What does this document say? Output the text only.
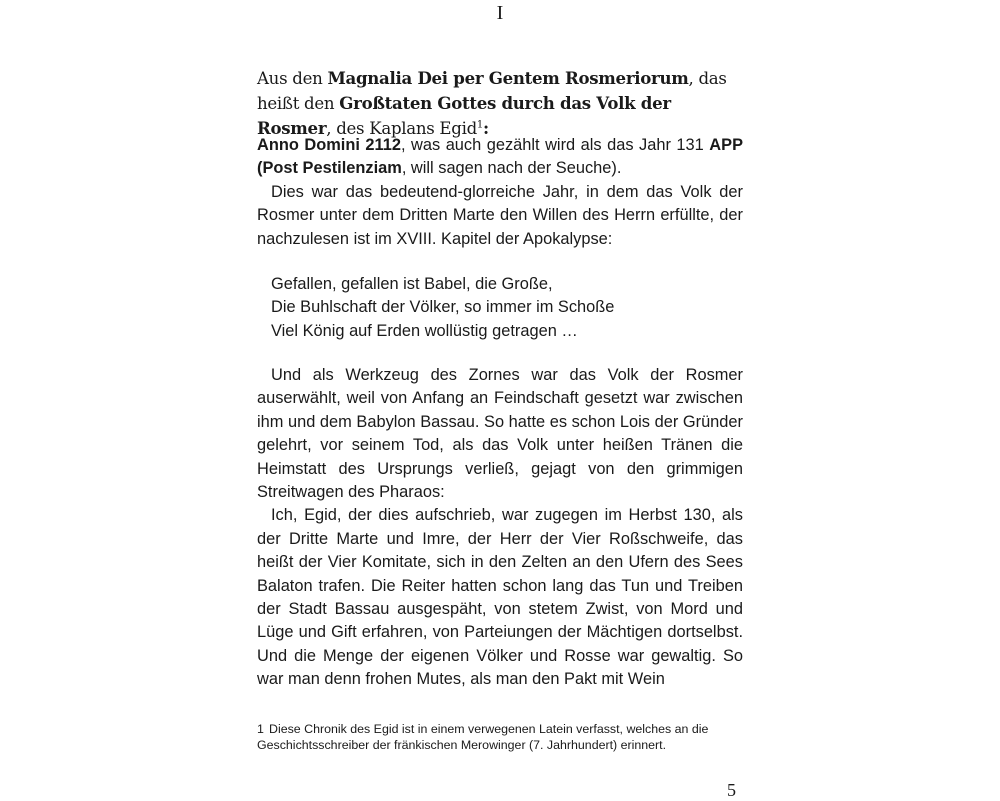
I
Aus den Magnalia Dei per Gentem Rosmeriorum, das heißt den Großtaten Gottes durch das Volk der Rosmer, des Kaplans Egid$^1$:

Anno Domini 2112, was auch gezählt wird als das Jahr 131 APP (Post Pestilenziam, will sagen nach der Seuche).

Dies war das bedeutend-glorreiche Jahr, in dem das Volk der Rosmer unter dem Dritten Marte den Willen des Herrn erfüllte, der nachzulesen ist im XVIII. Kapitel der Apokalypse:

Gefallen, gefallen ist Babel, die Große,
Die Buhlschaft der Völker, so immer im Schoße
Viel König auf Erden wollüstig getragen …

Und als Werkzeug des Zornes war das Volk der Rosmer auserwählt, weil von Anfang an Feindschaft gesetzt war zwischen ihm und dem Babylon Bassau. So hatte es schon Lois der Gründer gelehrt, vor seinem Tod, als das Volk unter heißen Tränen die Heimstatt des Ursprungs verließ, gejagt von den grimmigen Streitwagen des Pharaos:

Ich, Egid, der dies aufschrieb, war zugegen im Herbst 130, als der Dritte Marte und Imre, der Herr der Vier Roßschweife, das heißt der Vier Komitate, sich in den Zelten an den Ufern des Sees Balaton trafen. Die Reiter hatten schon lang das Tun und Treiben der Stadt Bassau ausgespäht, von stetem Zwist, von Mord und Lüge und Gift erfahren, von Parteiungen der Mächtigen dortselbst. Und die Menge der eigenen Völker und Rosse war gewaltig. So war man denn frohen Mutes, als man den Pakt mit Wein

1 Diese Chronik des Egid ist in einem verwegenen Latein verfasst, welches an die Geschichtsschreiber der fränkischen Merowinger (7. Jahrhundert) erinnert.
5
